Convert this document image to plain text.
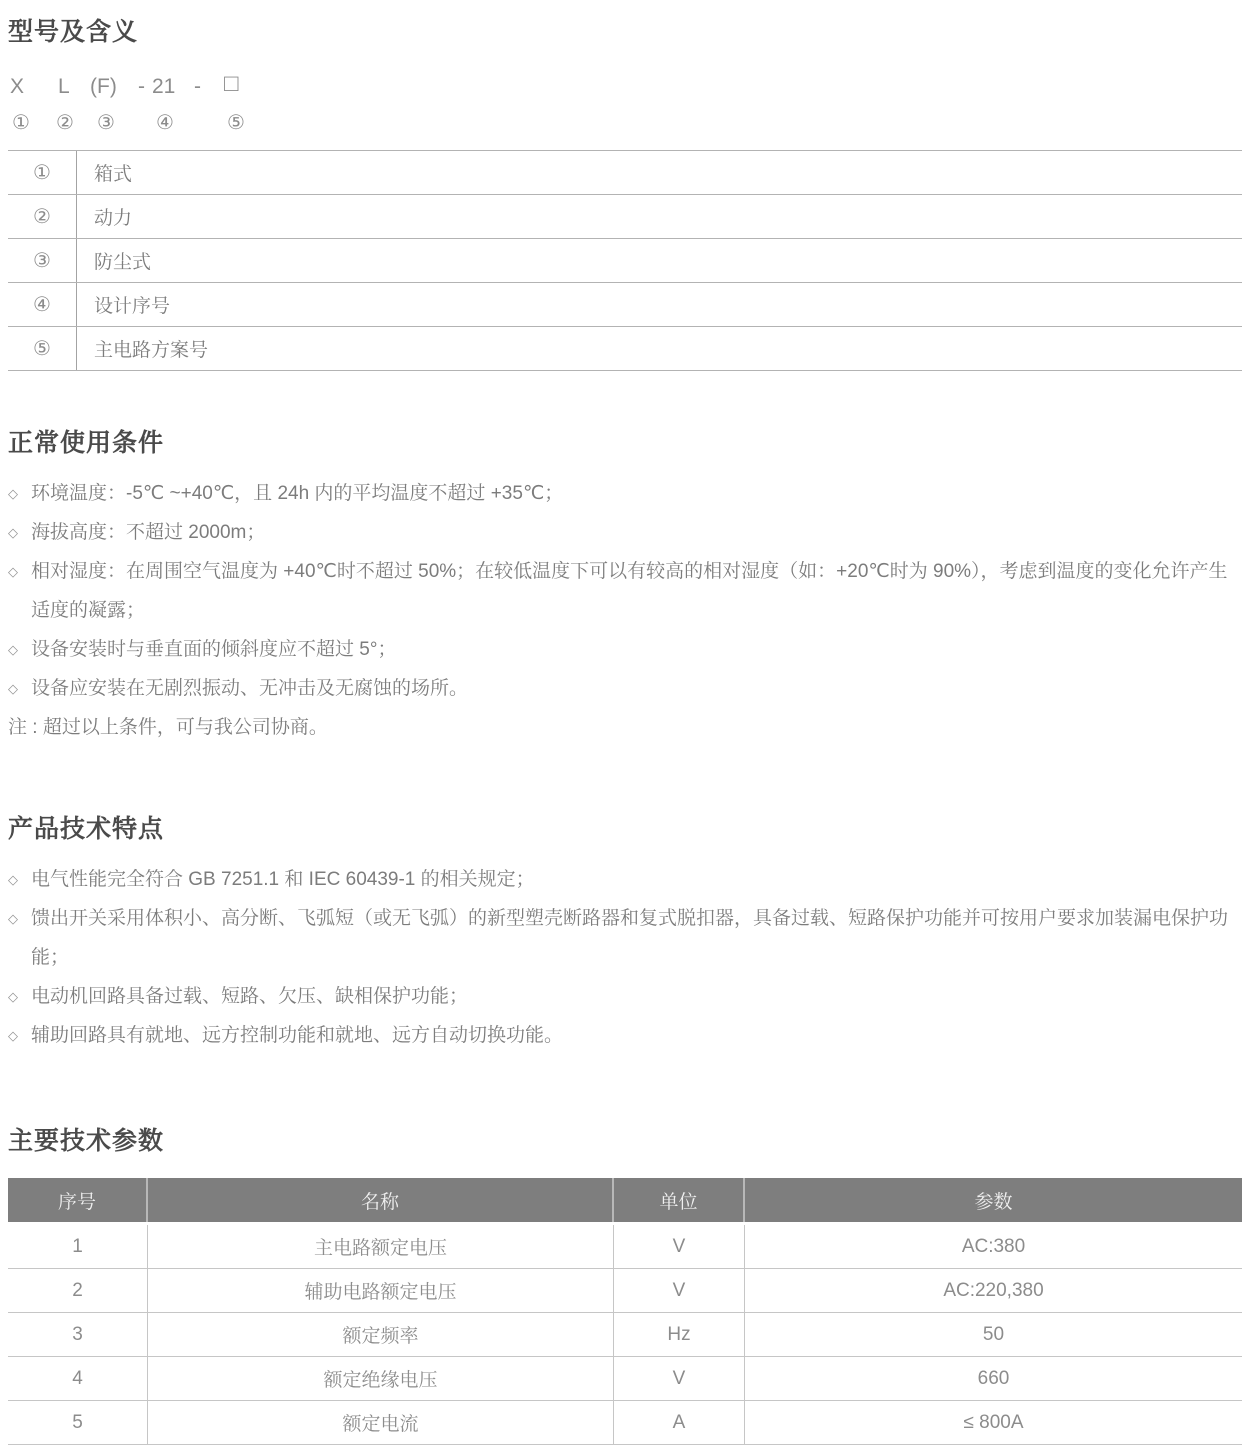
型号及含义
X L (F) - 21 - □
① ② ③ ④	⑤
①	箱式
②	动力
③	防尘式
④	设计序号
⑤	主电路方案号
正常使用条件
◇ 环境温度：-5℃ ~+40℃，且 24h 内的平均温度不超过 +35℃；
◇ 海拔高度：不超过 2000m；
◇ 相对湿度：在周围空气温度为 +40℃时不超过 50%；在较低温度下可以有较高的相对湿度（如：+20℃时为 90%），考虑到温度的变化允许产生适度的凝露；
◇ 设备安装时与垂直面的倾斜度应不超过 5°；
◇ 设备应安装在无剧烈振动、无冲击及无腐蚀的场所。
注 : 超过以上条件，可与我公司协商。
产品技术特点
◇ 电气性能完全符合 GB 7251.1 和 IEC 60439-1 的相关规定；
◇ 馈出开关采用体积小、高分断、飞弧短（或无飞弧）的新型塑壳断路器和复式脱扣器，具备过载、短路保护功能并可按用户要求加装漏电保护功能；
◇ 电动机回路具备过载、短路、欠压、缺相保护功能；
◇ 辅助回路具有就地、远方控制功能和就地、远方自动切换功能。
主要技术参数
序号	名称	单位	参数
1	主电路额定电压	V	AC:380
2	辅助电路额定电压	V	AC:220,380
3	额定频率	Hz	50
4	额定绝缘电压	V	660
5	额定电流	A	≤ 800A
